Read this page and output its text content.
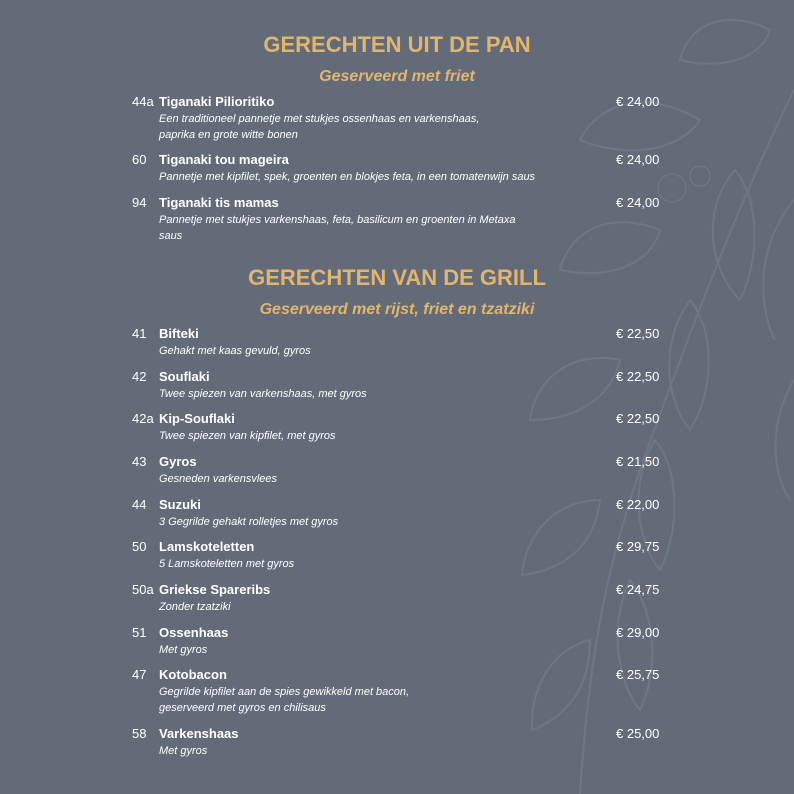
GERECHTEN UIT DE PAN

Geserveerd met friet

44a Tiganaki Pilioritiko	€ 24,00
Een traditioneel pannetje met stukjes ossenhaas en varkenshaas,
paprika en grote witte bonen
60 Tiganaki tou mageira	€ 24,00
Pannetje met kipfilet, spek, groenten en blokjes feta, in een tomatenwijn saus
94 Tiganaki tis mamas	€ 24,00
Pannetje met stukjes varkenshaas, feta, basilicum en groenten in Metaxa saus
GERECHTEN VAN DE GRILL

Geserveerd met rijst, friet en tzatziki

41 Bifteki	€ 22,50
Gehakt met kaas gevuld, gyros
42 Souflaki	€ 22,50
Twee spiezen van varkenshaas, met gyros
42a Kip-Souflaki	€ 22,50
Twee spiezen van kipfilet, met gyros
43 Gyros	€ 21,50
Gesneden varkensvlees
44 Suzuki	€ 22,00
3 Gegrilde gehakt rolletjes met gyros
50 Lamskoteletten	€ 29,75
5 Lamskoteletten met gyros
50a Griekse Spareribs	€ 24,75
Zonder tzatziki
51 Ossenhaas	€ 29,00
Met gyros
47 Kotobacon	€ 25,75
Gegrilde kipfilet aan de spies gewikkeld met bacon,
geserveerd met gyros en chilisaus
58 Varkenshaas	€ 25,00
Met gyros
